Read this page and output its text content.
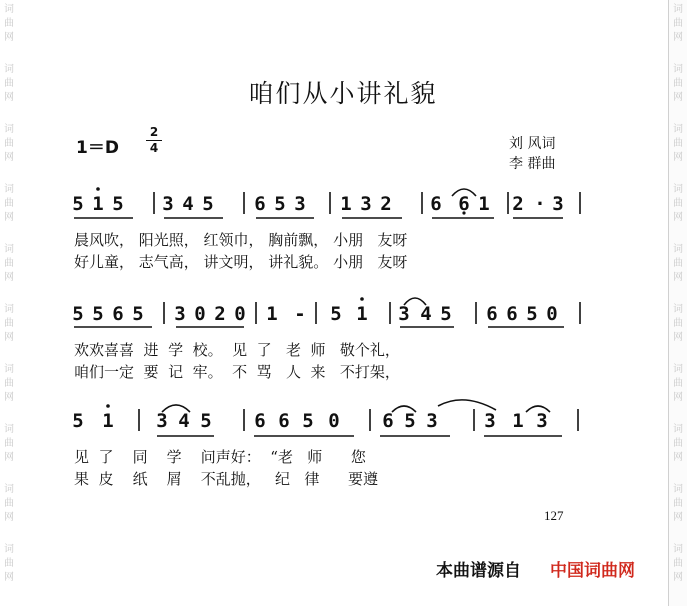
词
曲
网
词
曲
网
词
曲
网
词
曲
网
词
曲
网
词
曲
网
词
曲
网
词
曲
网
词
曲
网
词
曲
网
词
曲
网
词
曲
网
词
曲
网
词
曲
网
词
曲
网
词
曲
网
词
曲
网
词
曲
网
词
曲
网
词
曲
网
咱们从小讲礼貌
1＝D
2
4	刘 风词
李 群曲
5 1 5 3 4 5 6 5 3 1 3 2 6 6 1 2 · 3
晨风吹， 阳光照， 红领巾， 胸前飘， 小朋   友呀
好儿童， 志气高， 讲文明， 讲礼貌。 小朋   友呀
5 5 6 5 3 0 2 0 1 - 5 1 3 4 5 6 6 5 0
欢欢喜喜  进  学  校。  见  了   老  师   敬个礼，
咱们一定  要  记  牢。  不  骂   人  来   不打架，
5 1 3 4 5 6 6 5 0 6 5 3 3 1 3
见  了    同    学    问声好：  “老   师      您
果  皮    纸    屑    不乱抛，   纪   律      要遵
127
本曲谱源自 中国词曲网
